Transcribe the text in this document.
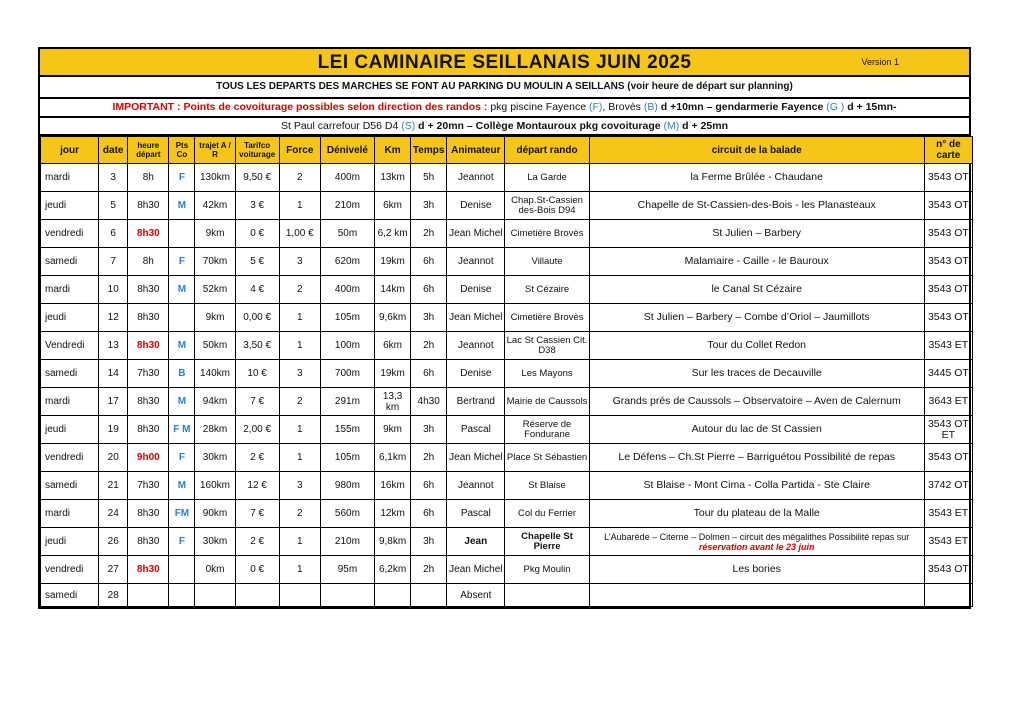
LEI CAMINAIRE SEILLANAIS JUIN 2025	Version 1
TOUS LES DEPARTS DES MARCHES SE FONT AU PARKING DU MOULIN A SEILLANS (voir heure de départ sur planning)
IMPORTANT : Points de covoiturage possibles selon direction des randos : pkg piscine Fayence (F), Brovès (B) d +10mn – gendarmerie Fayence (G ) d + 15mn-
St Paul carrefour D56 D4 (S) d + 20mn – Collège Montauroux pkg covoiturage (M) d + 25mn
jour	date	heure départ	Pts Co	trajet A / R	Tarifco voiturage	Force	Dénivelé	Km	Temps	Animateur	départ rando	circuit de la balade	n° de carte
mardi	3	8h	F	130km	9,50 €	2	400m	13km	5h	Jeannot	La Garde	la Ferme Brûlée - Chaudane	3543 OT
jeudi	5	8h30	M	42km	3 €	1	210m	6km	3h	Denise	Chap.St-Cassien des-Bois D94	Chapelle de St-Cassien-des-Bois - les Planasteaux	3543 OT
vendredi	6	8h30		9km	0 €	1,00 €	50m	6,2 km	2h	Jean Michel	Cimetière Brovès	St Julien – Barbery	3543 OT
samedi	7	8h	F	70km	5 €	3	620m	19km	6h	Jeannot	Villaute	Malamaire - Caille - le Bauroux	3543 OT
mardi	10	8h30	M	52km	4 €	2	400m	14km	6h	Denise	St Cézaire	le Canal St Cézaire	3543 OT
jeudi	12	8h30		9km	0,00 €	1	105m	9,6km	3h	Jean Michel	Cimetière Brovès	St Julien – Barbery – Combe d’Oriol – Jaumillots	3543 OT
Vendredi	13	8h30	M	50km	3,50 €	1	100m	6km	2h	Jeannot	Lac St Cassien Cit. D38	Tour du Collet Redon	3543 ET
samedi	14	7h30	B	140km	10 €	3	700m	19km	6h	Denise	Les Mayons	Sur les traces de Decauville	3445 OT
mardi	17	8h30	M	94km	7 €	2	291m	13,3 km	4h30	Bertrand	Mairie de Caussols	Grands prés de Caussols – Observatoire – Aven de Calernum	3643 ET
jeudi	19	8h30	F M	28km	2,00 €	1	155m	9km	3h	Pascal	Réserve de Fondurane	Autour du lac de St Cassien	3543 OT ET
vendredi	20	9h00	F	30km	2 €	1	105m	6,1km	2h	Jean Michel	Place St Sébastien	Le Défens – Ch.St Pierre – Barriguétou Possibilité de repas	3543 OT
samedi	21	7h30	M	160km	12 €	3	980m	16km	6h	Jeannot	St Blaise	St Blaise - Mont Cima - Colla Partida - Ste Claire	3742 OT
mardi	24	8h30	FM	90km	7 €	2	560m	12km	6h	Pascal	Col du Ferrier	Tour du plateau de la Malle	3543 ET
jeudi	26	8h30	F	30km	2 €	1	210m	9,8km	3h	Jean	Chapelle St Pierre	L’Aubarède – Citerne – Dolmen – circuit des mégalithes Possibilité repas sur réservation avant le 23 juin	3543 ET
vendredi	27	8h30		0km	0 €	1	95m	6,2km	2h	Jean Michel	Pkg Moulin	Les bories	3543 OT
samedi	28									Absent			
